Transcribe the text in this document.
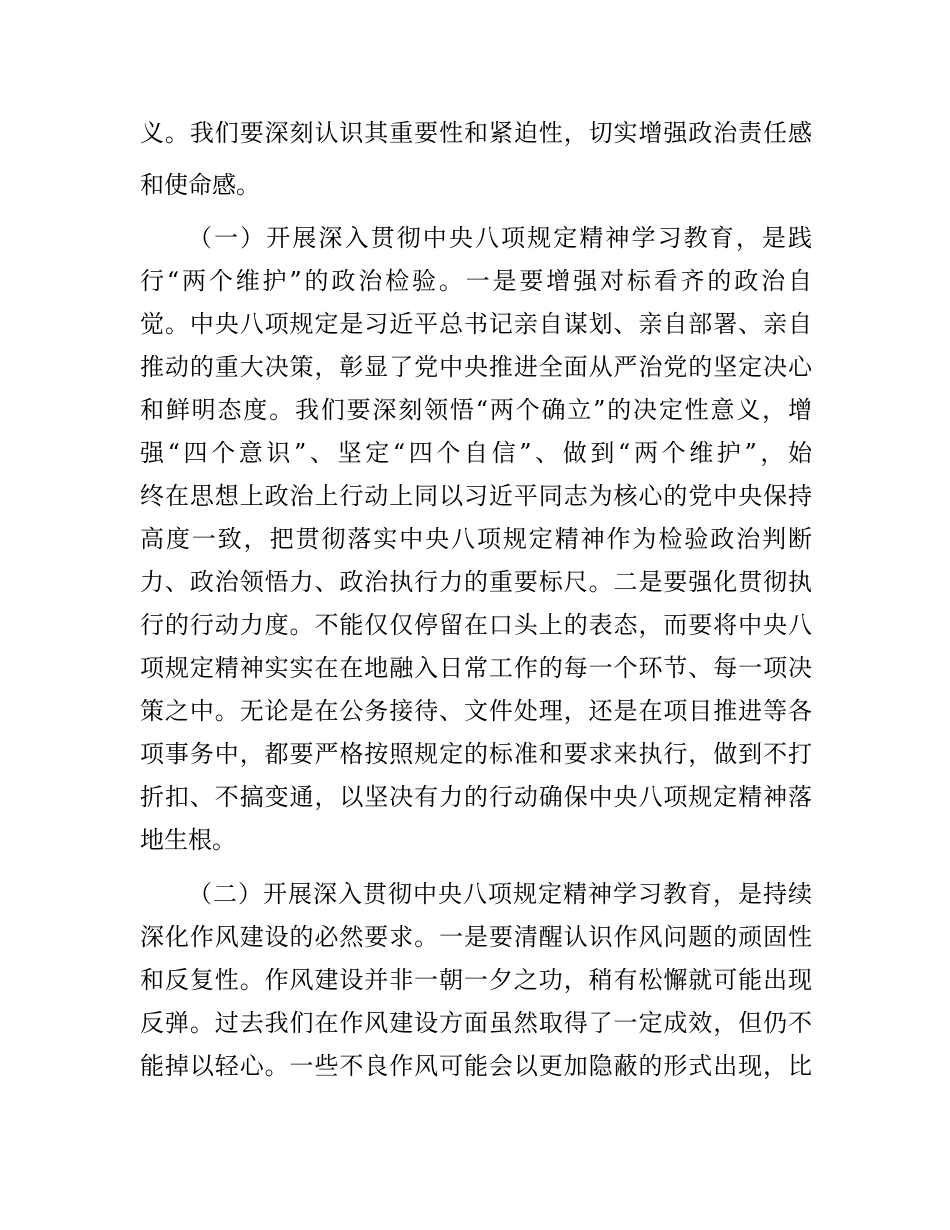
义。我们要深刻认识其重要性和紧迫性，切实增强政治责任感
和使命感。
（一）开展深入贯彻中央八项规定精神学习教育，是践
行“两个维护”的政治检验。一是要增强对标看齐的政治自
觉。中央八项规定是习近平总书记亲自谋划、亲自部署、亲自
推动的重大决策，彰显了党中央推进全面从严治党的坚定决心
和鲜明态度。我们要深刻领悟“两个确立”的决定性意义，增
强“四个意识”、坚定“四个自信”、做到“两个维护”，始
终在思想上政治上行动上同以习近平同志为核心的党中央保持
高度一致，把贯彻落实中央八项规定精神作为检验政治判断
力、政治领悟力、政治执行力的重要标尺。二是要强化贯彻执
行的行动力度。不能仅仅停留在口头上的表态，而要将中央八
项规定精神实实在在地融入日常工作的每一个环节、每一项决
策之中。无论是在公务接待、文件处理，还是在项目推进等各
项事务中，都要严格按照规定的标准和要求来执行，做到不打
折扣、不搞变通，以坚决有力的行动确保中央八项规定精神落
地生根。
（二）开展深入贯彻中央八项规定精神学习教育，是持续
深化作风建设的必然要求。一是要清醒认识作风问题的顽固性
和反复性。作风建设并非一朝一夕之功，稍有松懈就可能出现
反弹。过去我们在作风建设方面虽然取得了一定成效，但仍不
能掉以轻心。一些不良作风可能会以更加隐蔽的形式出现，比
